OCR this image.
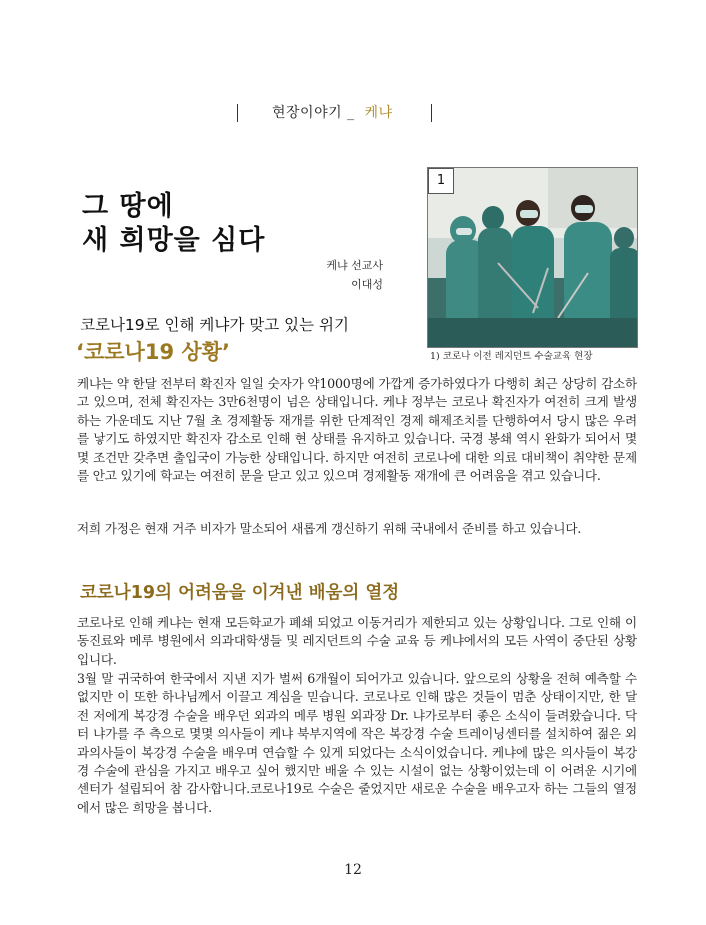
현장이야기 _ 케냐
그 땅에
새 희망을 심다
케냐 선교사
이대성
1
1) 코로나 이전 레지던트 수술교육 현장
코로나19로 인해 케냐가 맞고 있는 위기
‘코로나19 상황’
케냐는 약 한달 전부터 확진자 일일 숫자가 약1000명에 가깝게 증가하였다가 다행히 최근 상당히 감소하고 있으며, 전체 확진자는 3만6천명이 넘은 상태입니다. 케냐 정부는 코로나 확진자가 여전히 크게 발생하는 가운데도 지난 7월 초 경제활동 재개를 위한 단계적인 경제 해제조치를 단행하여서 당시 많은 우려를 낳기도 하였지만 확진자 감소로 인해 현 상태를 유지하고 있습니다. 국경 봉쇄 역시 완화가 되어서 몇몇 조건만 갖추면 출입국이 가능한 상태입니다. 하지만 여전히 코로나에 대한 의료 대비책이 취약한 문제를 안고 있기에 학교는 여전히 문을 닫고 있고 있으며 경제활동 재개에 큰 어려움을 겪고 있습니다.
저희 가정은 현재 거주 비자가 말소되어 새롭게 갱신하기 위해 국내에서 준비를 하고 있습니다.
코로나19의 어려움을 이겨낸 배움의 열정
코로나로 인해 케냐는 현재 모든학교가 폐쇄 되었고 이동거리가 제한되고 있는 상황입니다. 그로 인해 이동진료와 메루 병원에서 의과대학생들 및 레지던트의 수술 교육 등 케냐에서의 모든 사역이 중단된 상황입니다.
3월 말 귀국하여 한국에서 지낸 지가 벌써 6개월이 되어가고 있습니다. 앞으로의 상황을 전혀 예측할 수 없지만 이 또한 하나님께서 이끌고 계심을 믿습니다. 코로나로 인해 많은 것들이 멈춘 상태이지만, 한 달 전 저에게 복강경 수술을 배우던 외과의 메루 병원 외과장 Dr. 냐가로부터 좋은 소식이 들려왔습니다. 닥터 냐가를 주 측으로 몇몇 의사들이 케냐 북부지역에 작은 복강경 수술 트레이닝센터를 설치하여 젊은 외과의사들이 복강경 수술을 배우며 연습할 수 있게 되었다는 소식이었습니다. 케냐에 많은 의사들이 복강경 수술에 관심을 가지고 배우고 싶어 했지만 배울 수 있는 시설이 없는 상황이었는데 이 어려운 시기에 센터가 설립되어 참 감사합니다.코로나19로 수술은 줄었지만 새로운 수술을 배우고자 하는 그들의 열정에서 많은 희망을 봅니다.
12
